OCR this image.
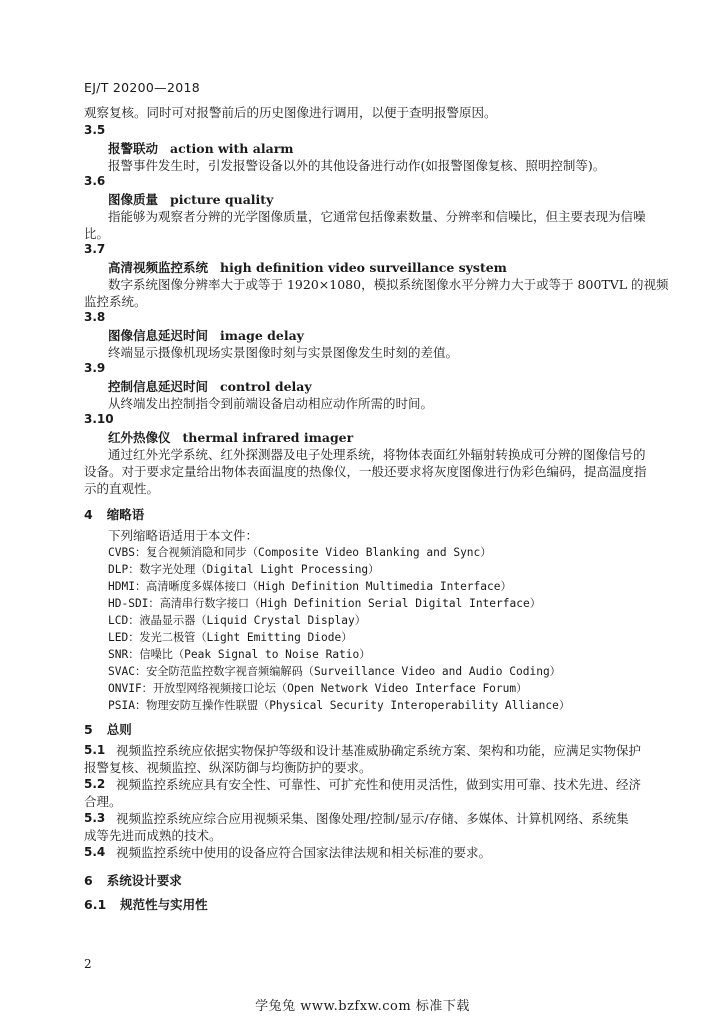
EJ/T 20200—2018
观察复核。同时可对报警前后的历史图像进行调用，以便于查明报警原因。
3.5
报警联动 action with alarm
报警事件发生时，引发报警设备以外的其他设备进行动作(如报警图像复核、照明控制等)。
3.6
图像质量 picture quality
指能够为观察者分辨的光学图像质量，它通常包括像素数量、分辨率和信噪比，但主要表现为信噪
比。
3.7
高清视频监控系统 high definition video surveillance system
数字系统图像分辨率大于或等于 1920×1080，模拟系统图像水平分辨力大于或等于 800TVL 的视频
监控系统。
3.8
图像信息延迟时间 image delay
终端显示摄像机现场实景图像时刻与实景图像发生时刻的差值。
3.9
控制信息延迟时间 control delay
从终端发出控制指令到前端设备启动相应动作所需的时间。
3.10
红外热像仪 thermal infrared imager
通过红外光学系统、红外探测器及电子处理系统，将物体表面红外辐射转换成可分辨的图像信号的
设备。对于要求定量给出物体表面温度的热像仪，一般还要求将灰度图像进行伪彩色编码，提高温度指
示的直观性。
4 缩略语
下列缩略语适用于本文件：
CVBS：复合视频消隐和同步（Composite Video Blanking and Sync）
DLP：数字光处理（Digital Light Processing）
HDMI：高清晰度多媒体接口（High Definition Multimedia Interface）
HD-SDI：高清串行数字接口（High Definition Serial Digital Interface）
LCD：液晶显示器（Liquid Crystal Display）
LED：发光二极管（Light Emitting Diode）
SNR：信噪比（Peak Signal to Noise Ratio）
SVAC：安全防范监控数字视音频编解码（Surveillance Video and Audio Coding）
ONVIF：开放型网络视频接口论坛（Open Network Video Interface Forum）
PSIA：物理安防互操作性联盟（Physical Security Interoperability Alliance）
5 总则
5.1 视频监控系统应依据实物保护等级和设计基准威胁确定系统方案、架构和功能，应满足实物保护
报警复核、视频监控、纵深防御与均衡防护的要求。
5.2 视频监控系统应具有安全性、可靠性、可扩充性和使用灵活性，做到实用可靠、技术先进、经济
合理。
5.3 视频监控系统应综合应用视频采集、图像处理/控制/显示/存储、多媒体、计算机网络、系统集
成等先进而成熟的技术。
5.4 视频监控系统中使用的设备应符合国家法律法规和相关标准的要求。
6 系统设计要求
6.1 规范性与实用性
2
学兔兔 www.bzfxw.com 标准下载
